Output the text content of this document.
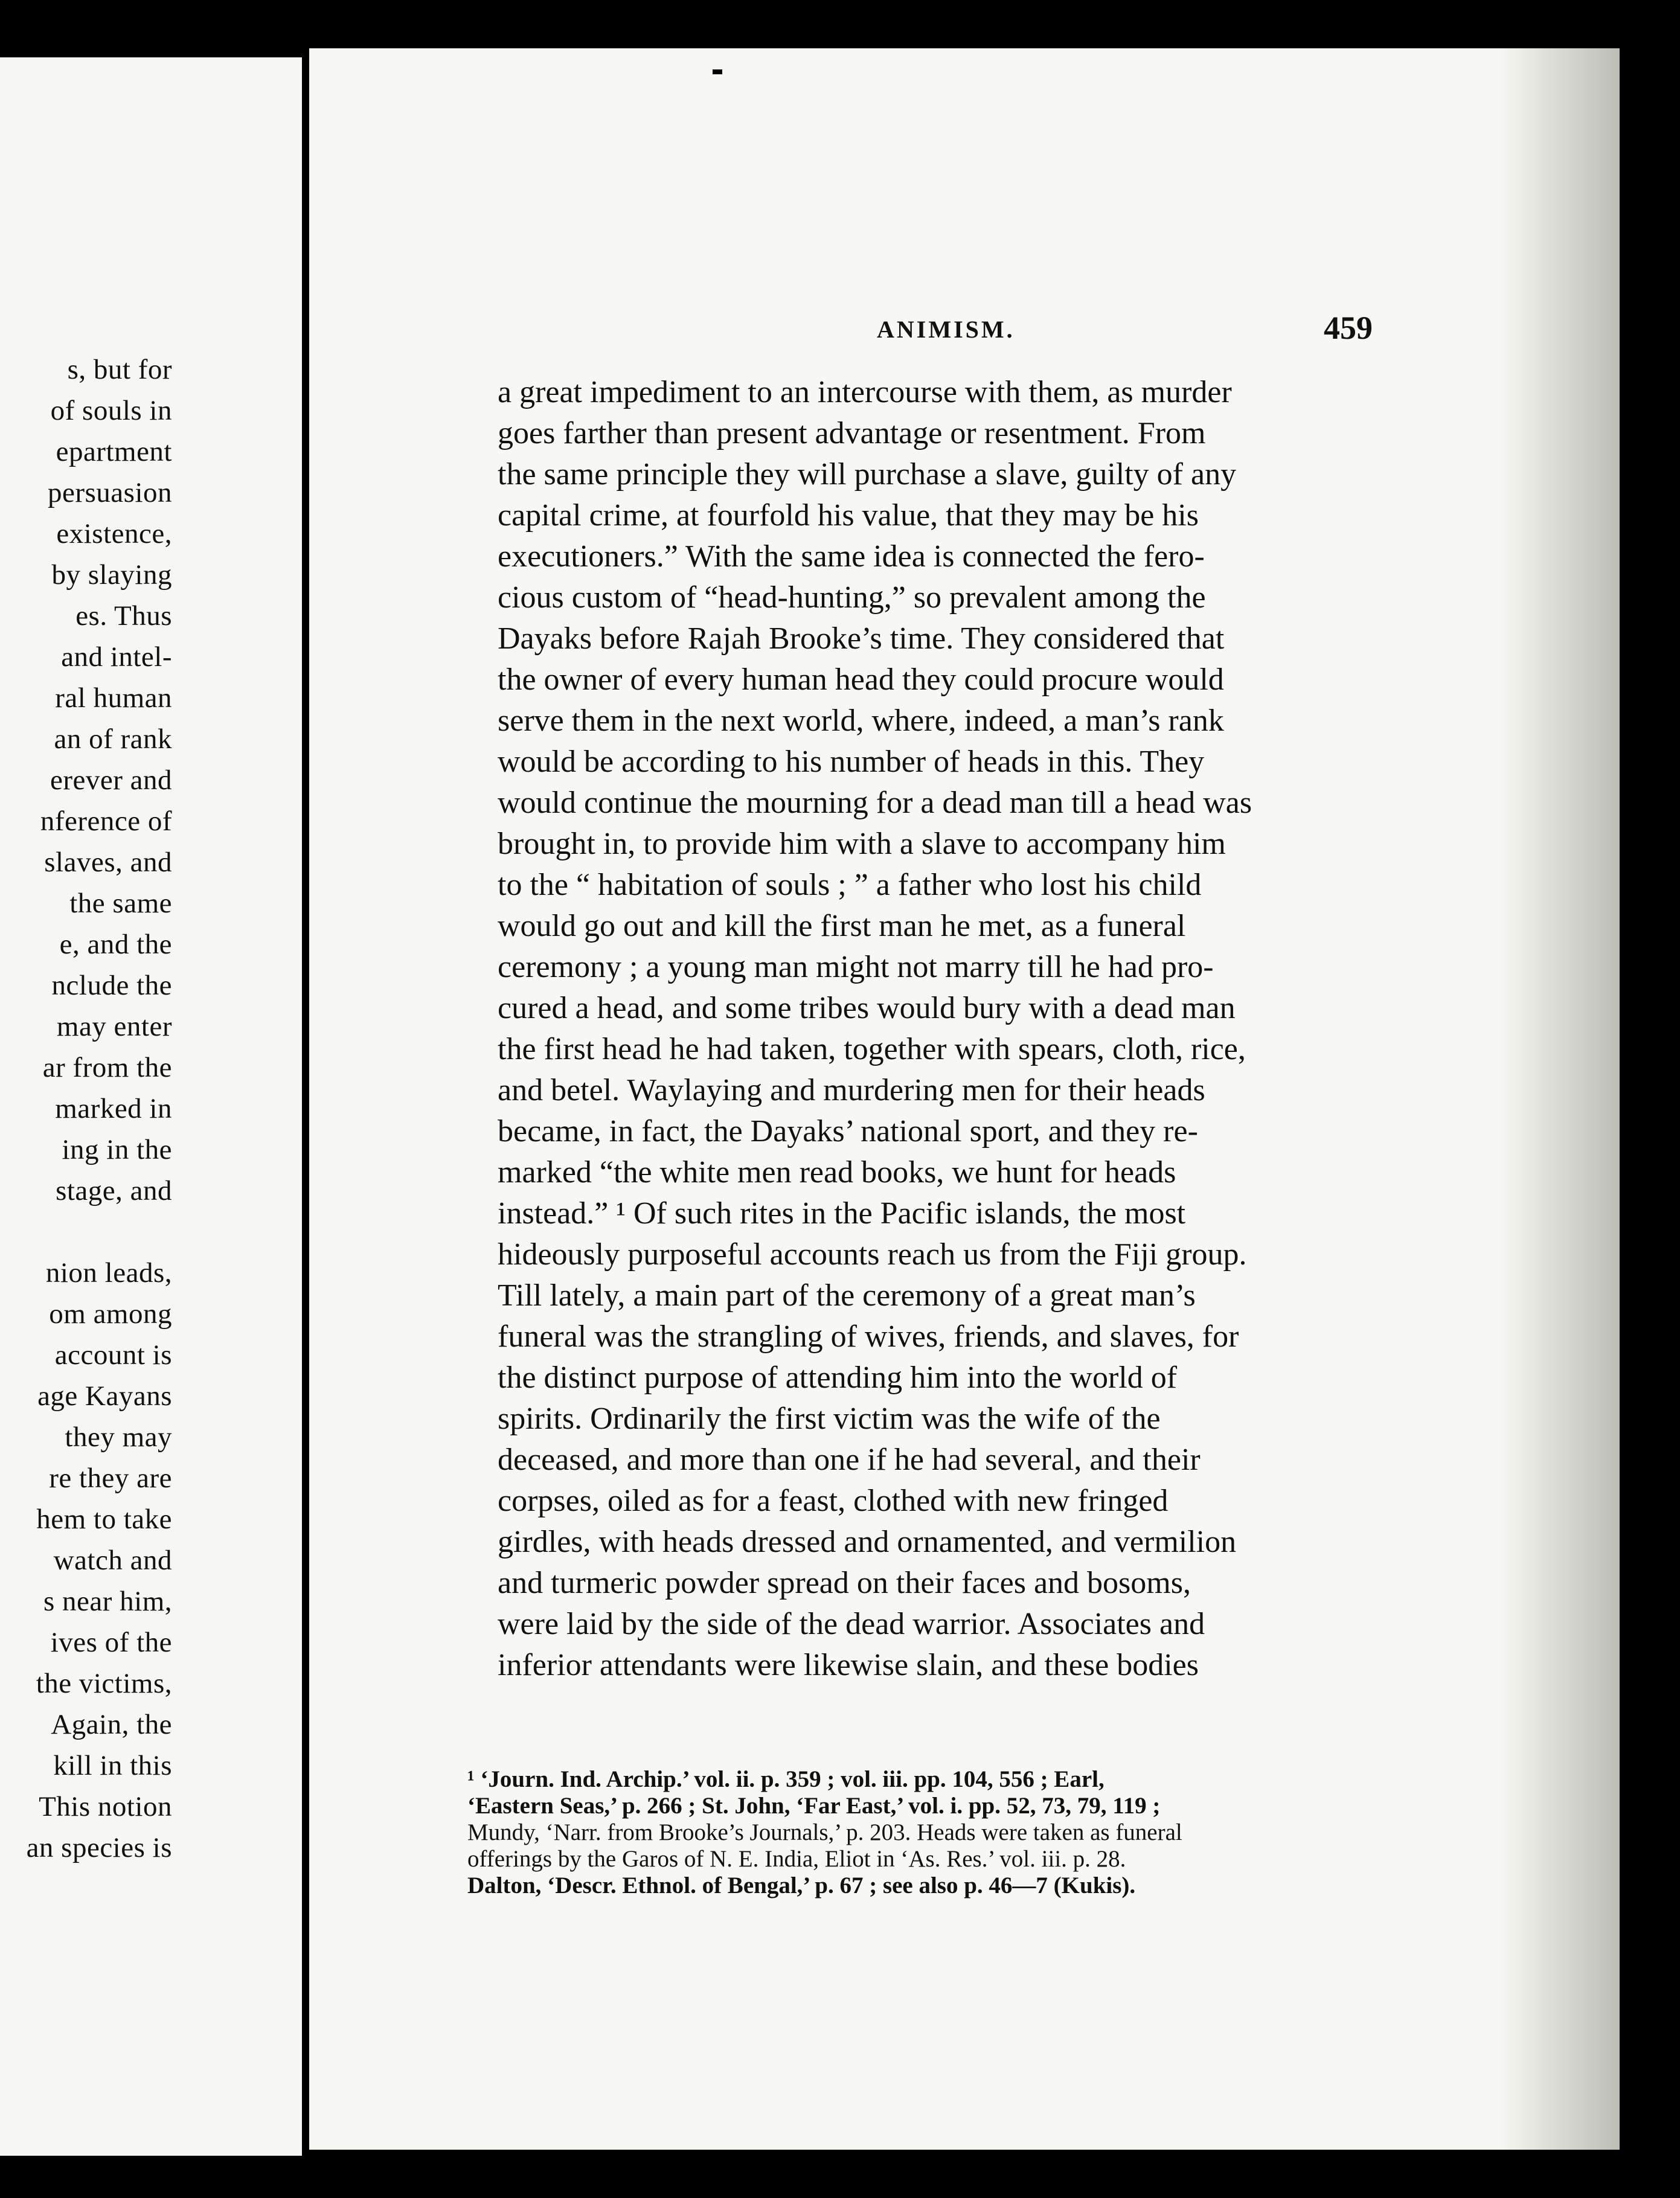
s, but for
of souls in
epartment
persuasion
existence,
by slaying
es. Thus
and intel-
ral human
an of rank
erever and
nference of
slaves, and
the same
e, and the
nclude the
may enter
ar from the
marked in
ing in the
stage, and
nion leads,
om among
account is
age Kayans
they may
re they are
hem to take
watch and
s near him,
ives of the
the victims,
Again, the
kill in this
This notion
an species is
ANIMISM.	459
a great impediment to an intercourse with them, as murder
goes farther than present advantage or resentment. From
the same principle they will purchase a slave, guilty of any
capital crime, at fourfold his value, that they may be his
executioners.” With the same idea is connected the fero-
cious custom of “head-hunting,” so prevalent among the
Dayaks before Rajah Brooke’s time. They considered that
the owner of every human head they could procure would
serve them in the next world, where, indeed, a man’s rank
would be according to his number of heads in this. They
would continue the mourning for a dead man till a head was
brought in, to provide him with a slave to accompany him
to the “ habitation of souls ; ” a father who lost his child
would go out and kill the first man he met, as a funeral
ceremony ; a young man might not marry till he had pro-
cured a head, and some tribes would bury with a dead man
the first head he had taken, together with spears, cloth, rice,
and betel. Waylaying and murdering men for their heads
became, in fact, the Dayaks’ national sport, and they re-
marked “the white men read books, we hunt for heads
instead.” ¹ Of such rites in the Pacific islands, the most
hideously purposeful accounts reach us from the Fiji group.
Till lately, a main part of the ceremony of a great man’s
funeral was the strangling of wives, friends, and slaves, for
the distinct purpose of attending him into the world of
spirits. Ordinarily the first victim was the wife of the
deceased, and more than one if he had several, and their
corpses, oiled as for a feast, clothed with new fringed
girdles, with heads dressed and ornamented, and vermilion
and turmeric powder spread on their faces and bosoms,
were laid by the side of the dead warrior. Associates and
inferior attendants were likewise slain, and these bodies
¹ ‘Journ. Ind. Archip.’ vol. ii. p. 359 ; vol. iii. pp. 104, 556 ; Earl,
‘Eastern Seas,’ p. 266 ; St. John, ‘Far East,’ vol. i. pp. 52, 73, 79, 119 ;
Mundy, ‘Narr. from Brooke’s Journals,’ p. 203. Heads were taken as funeral
offerings by the Garos of N. E. India, Eliot in ‘As. Res.’ vol. iii. p. 28.
Dalton, ‘Descr. Ethnol. of Bengal,’ p. 67 ; see also p. 46—7 (Kukis).
